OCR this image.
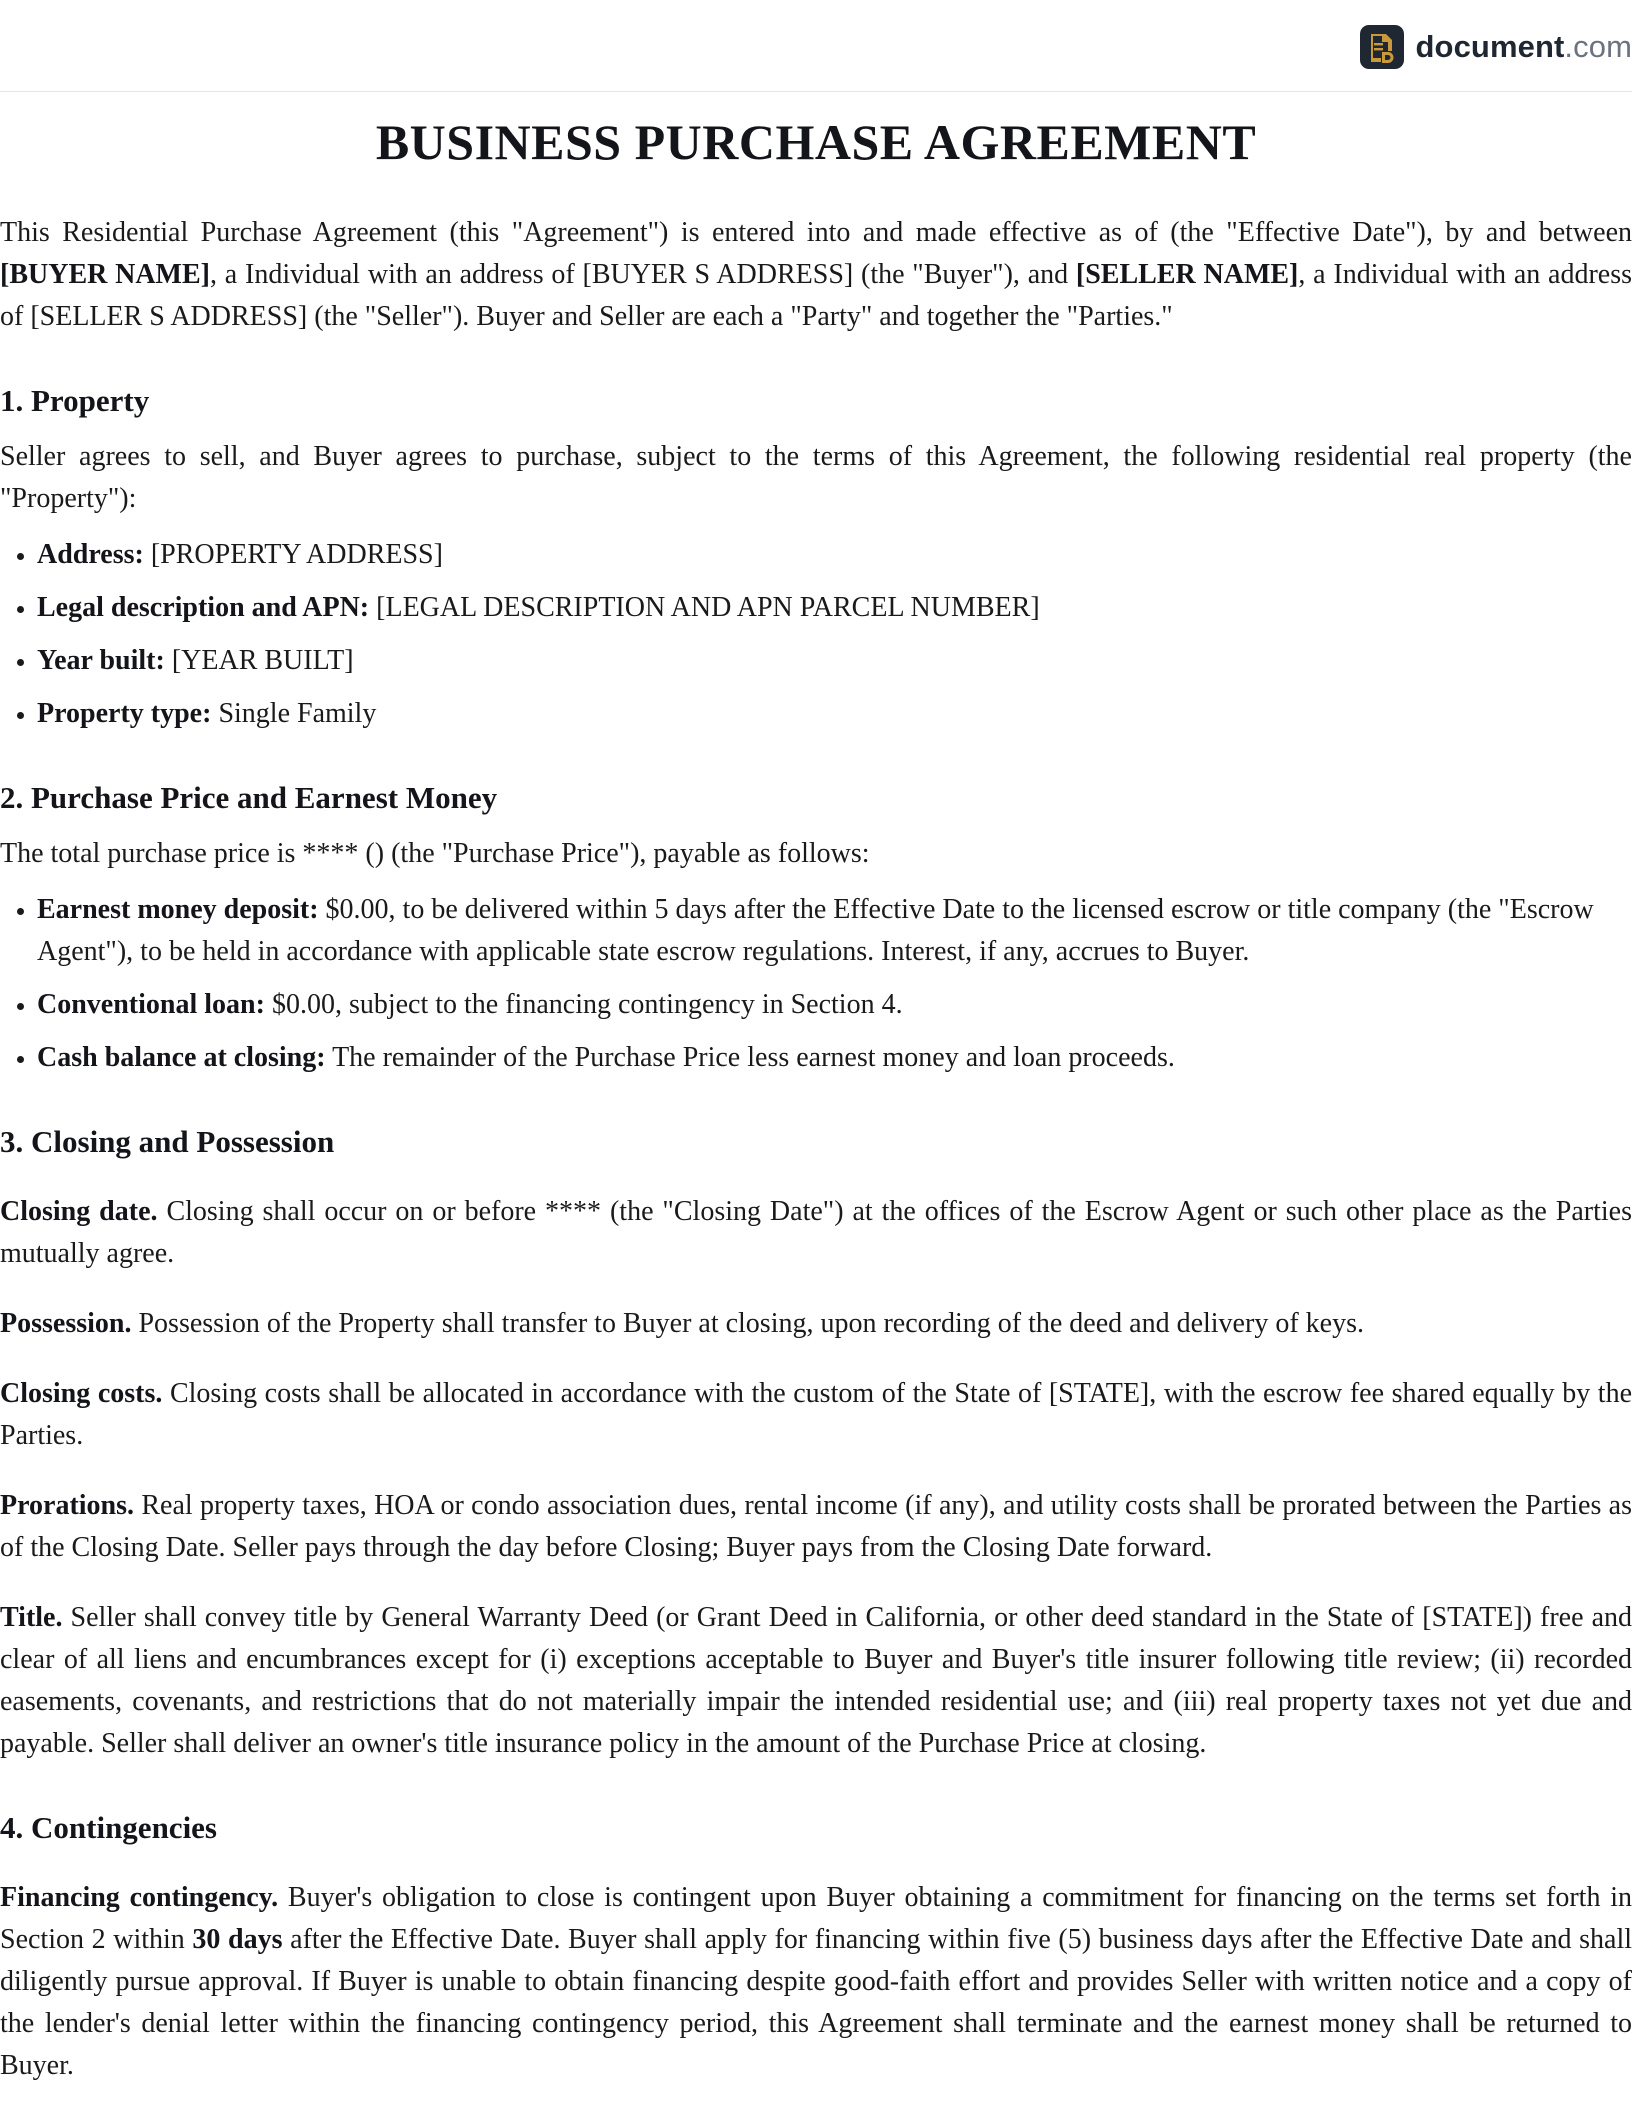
document.com
BUSINESS PURCHASE AGREEMENT

This Residential Purchase Agreement (this "Agreement") is entered into and made effective as of (the "Effective Date"), by and between [BUYER NAME], a Individual with an address of [BUYER S ADDRESS] (the "Buyer"), and [SELLER NAME], a Individual with an address of [SELLER S ADDRESS] (the "Seller"). Buyer and Seller are each a "Party" and together the "Parties."

1. Property

Seller agrees to sell, and Buyer agrees to purchase, subject to the terms of this Agreement, the following residential real property (the "Property"):

• Address: [PROPERTY ADDRESS]
• Legal description and APN: [LEGAL DESCRIPTION AND APN PARCEL NUMBER]
• Year built: [YEAR BUILT]
• Property type: Single Family
2. Purchase Price and Earnest Money

The total purchase price is **** () (the "Purchase Price"), payable as follows:

• Earnest money deposit: $0.00, to be delivered within 5 days after the Effective Date to the licensed escrow or title company (the "Escrow Agent"), to be held in accordance with applicable state escrow regulations. Interest, if any, accrues to Buyer.
• Conventional loan: $0.00, subject to the financing contingency in Section 4.
• Cash balance at closing: The remainder of the Purchase Price less earnest money and loan proceeds.
3. Closing and Possession

Closing date. Closing shall occur on or before **** (the "Closing Date") at the offices of the Escrow Agent or such other place as the Parties mutually agree.

Possession. Possession of the Property shall transfer to Buyer at closing, upon recording of the deed and delivery of keys.

Closing costs. Closing costs shall be allocated in accordance with the custom of the State of [STATE], with the escrow fee shared equally by the Parties.

Prorations. Real property taxes, HOA or condo association dues, rental income (if any), and utility costs shall be prorated between the Parties as of the Closing Date. Seller pays through the day before Closing; Buyer pays from the Closing Date forward.

Title. Seller shall convey title by General Warranty Deed (or Grant Deed in California, or other deed standard in the State of [STATE]) free and clear of all liens and encumbrances except for (i) exceptions acceptable to Buyer and Buyer's title insurer following title review; (ii) recorded easements, covenants, and restrictions that do not materially impair the intended residential use; and (iii) real property taxes not yet due and payable. Seller shall deliver an owner's title insurance policy in the amount of the Purchase Price at closing.

4. Contingencies

Financing contingency. Buyer's obligation to close is contingent upon Buyer obtaining a commitment for financing on the terms set forth in Section 2 within 30 days after the Effective Date. Buyer shall apply for financing within five (5) business days after the Effective Date and shall diligently pursue approval. If Buyer is unable to obtain financing despite good-faith effort and provides Seller with written notice and a copy of the lender's denial letter within the financing contingency period, this Agreement shall terminate and the earnest money shall be returned to Buyer.
